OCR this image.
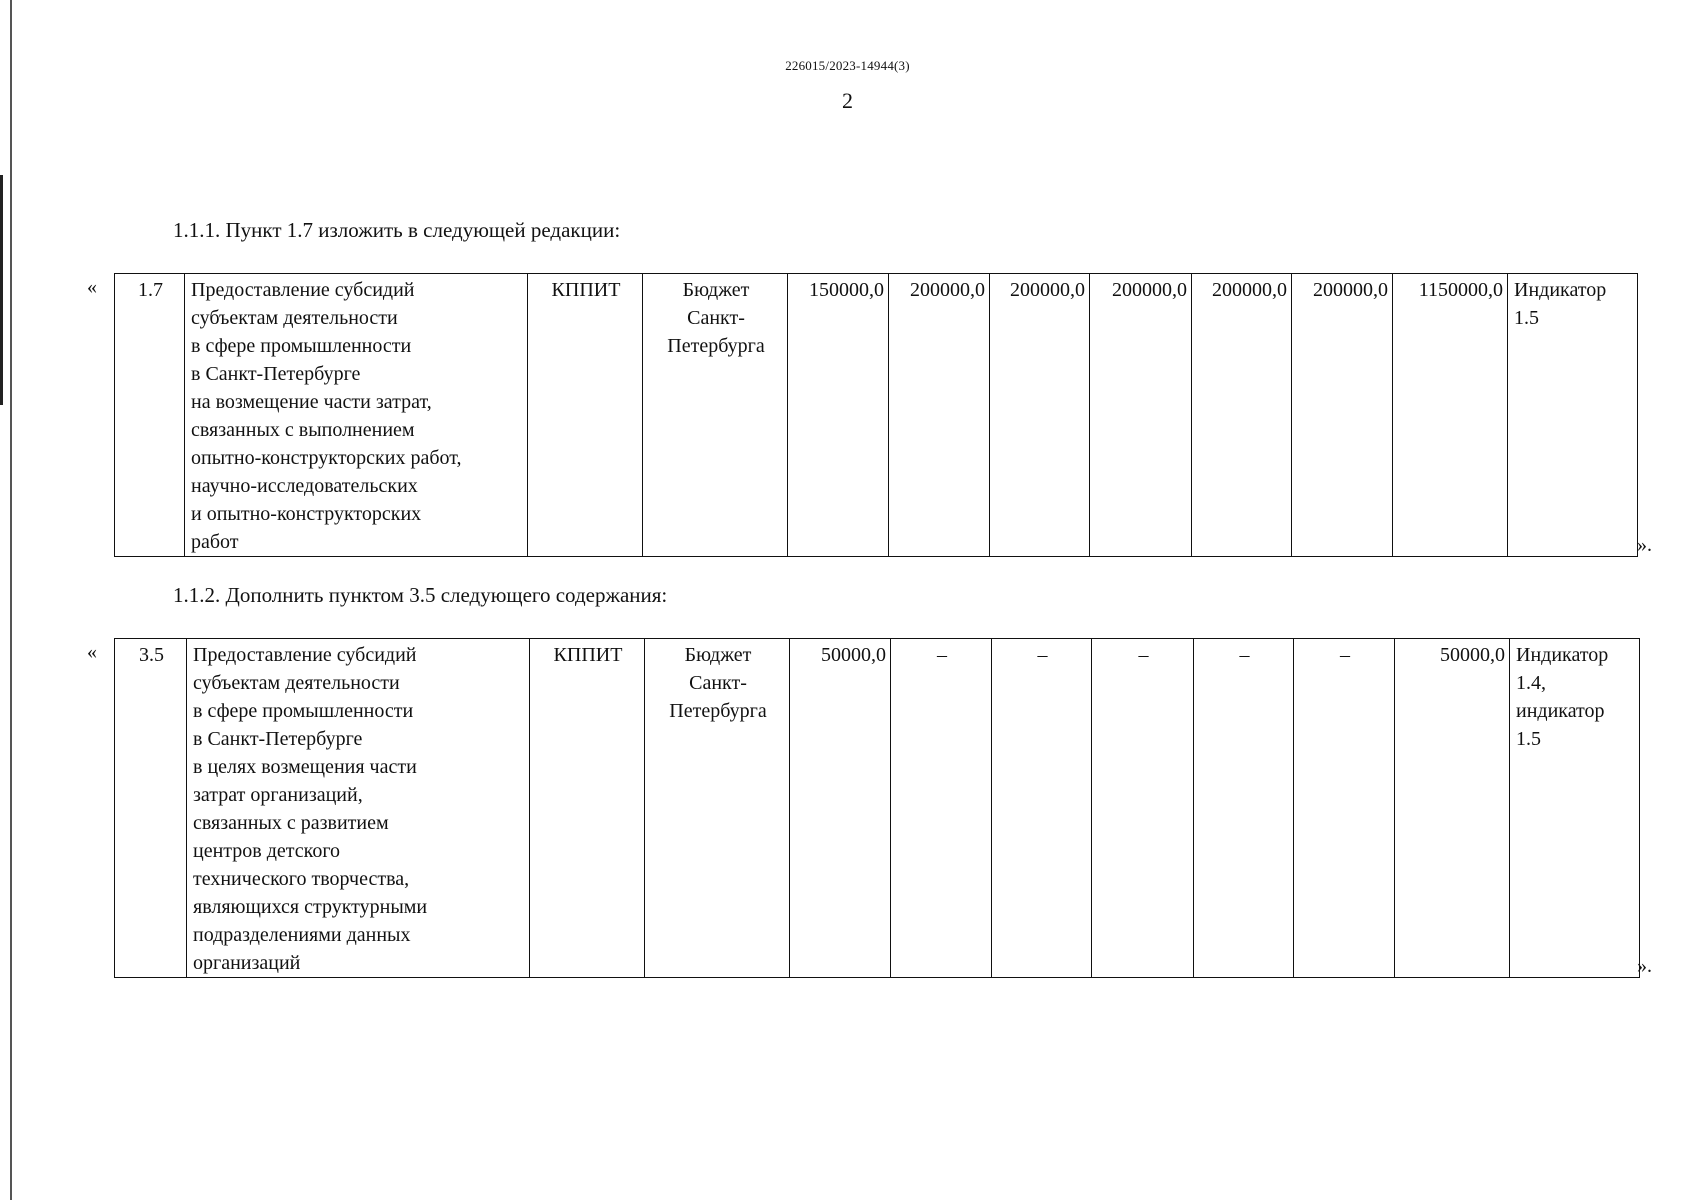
226015/2023-14944(3)
2
1.1.1. Пункт 1.7 изложить в следующей редакции:
« 1.7	Предоставление субсидий
субъектам деятельности
в сфере промышленности
в Санкт-Петербурге
на возмещение части затрат,
связанных с выполнением
опытно-конструкторских работ,
научно-исследовательских
и опытно-конструкторских
работ	КППИТ	Бюджет
Санкт-
Петербурга	150000,0	200000,0	200000,0	200000,0	200000,0	200000,0	1150000,0	Индикатор
1.5
».
1.1.2. Дополнить пунктом 3.5 следующего содержания:
« 3.5	Предоставление субсидий
субъектам деятельности
в сфере промышленности
в Санкт-Петербурге
в целях возмещения части
затрат организаций,
связанных с развитием
центров детского
технического творчества,
являющихся структурными
подразделениями данных
организаций	КППИТ	Бюджет
Санкт-
Петербурга	50000,0	–	–	–	–	–	50000,0	Индикатор
1.4,
индикатор
1.5
».
